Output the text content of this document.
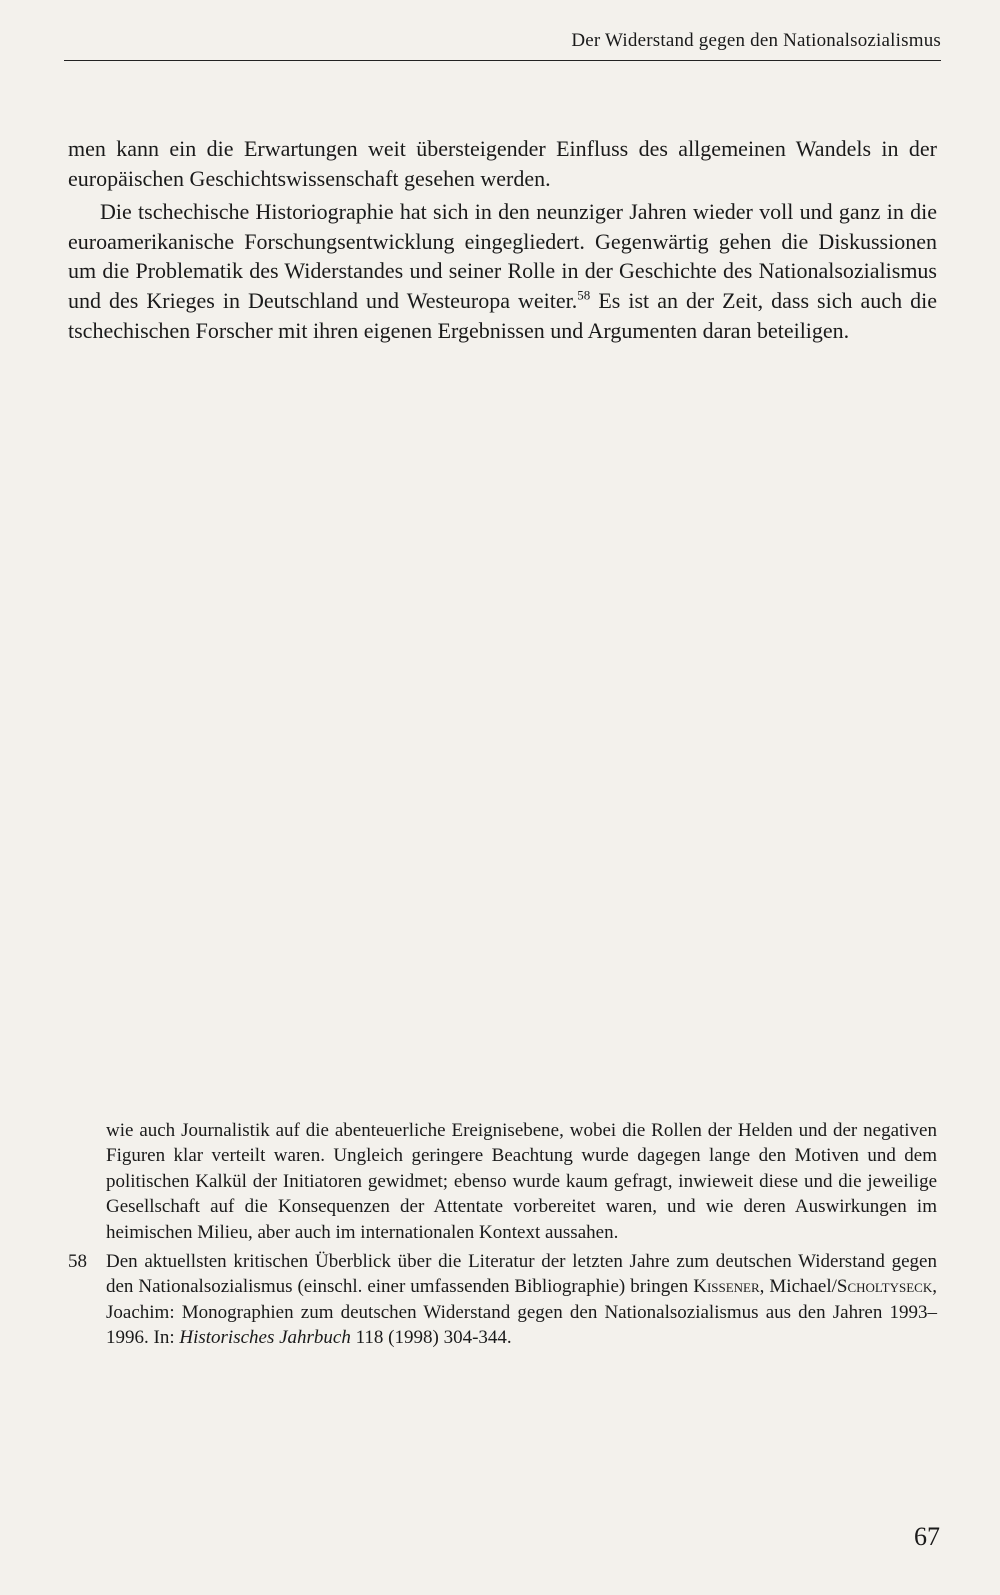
Der Widerstand gegen den Nationalsozialismus

men kann ein die Erwartungen weit übersteigender Einfluss des allgemeinen Wandels in der europäischen Geschichtswissenschaft gesehen werden.

Die tschechische Historiographie hat sich in den neunziger Jahren wieder voll und ganz in die euroamerikanische Forschungsentwicklung eingegliedert. Gegenwärtig gehen die Diskussionen um die Problematik des Widerstandes und seiner Rolle in der Geschichte des Nationalsozialismus und des Krieges in Deutschland und Westeuropa weiter.$^{58}$ Es ist an der Zeit, dass sich auch die tschechischen Forscher mit ihren eigenen Ergebnissen und Argumenten daran beteiligen.

wie auch Journalistik auf die abenteuerliche Ereignisebene, wobei die Rollen der Helden und der negativen Figuren klar verteilt waren. Ungleich geringere Beachtung wurde dagegen lange den Motiven und dem politischen Kalkül der Initiatoren gewidmet; ebenso wurde kaum gefragt, inwieweit diese und die jeweilige Gesellschaft auf die Konsequenzen der Attentate vorbereitet waren, und wie deren Auswirkungen im heimischen Milieu, aber auch im internationalen Kontext aussahen.
58	Den aktuellsten kritischen Überblick über die Literatur der letzten Jahre zum deutschen Widerstand gegen den Nationalsozialismus (einschl. einer umfassenden Bibliographie) bringen Kissener, Michael/Scholtyseck, Joachim: Monographien zum deutschen Widerstand gegen den Nationalsozialismus aus den Jahren 1993–1996. In: Historisches Jahrbuch 118 (1998) 304-344.
67
